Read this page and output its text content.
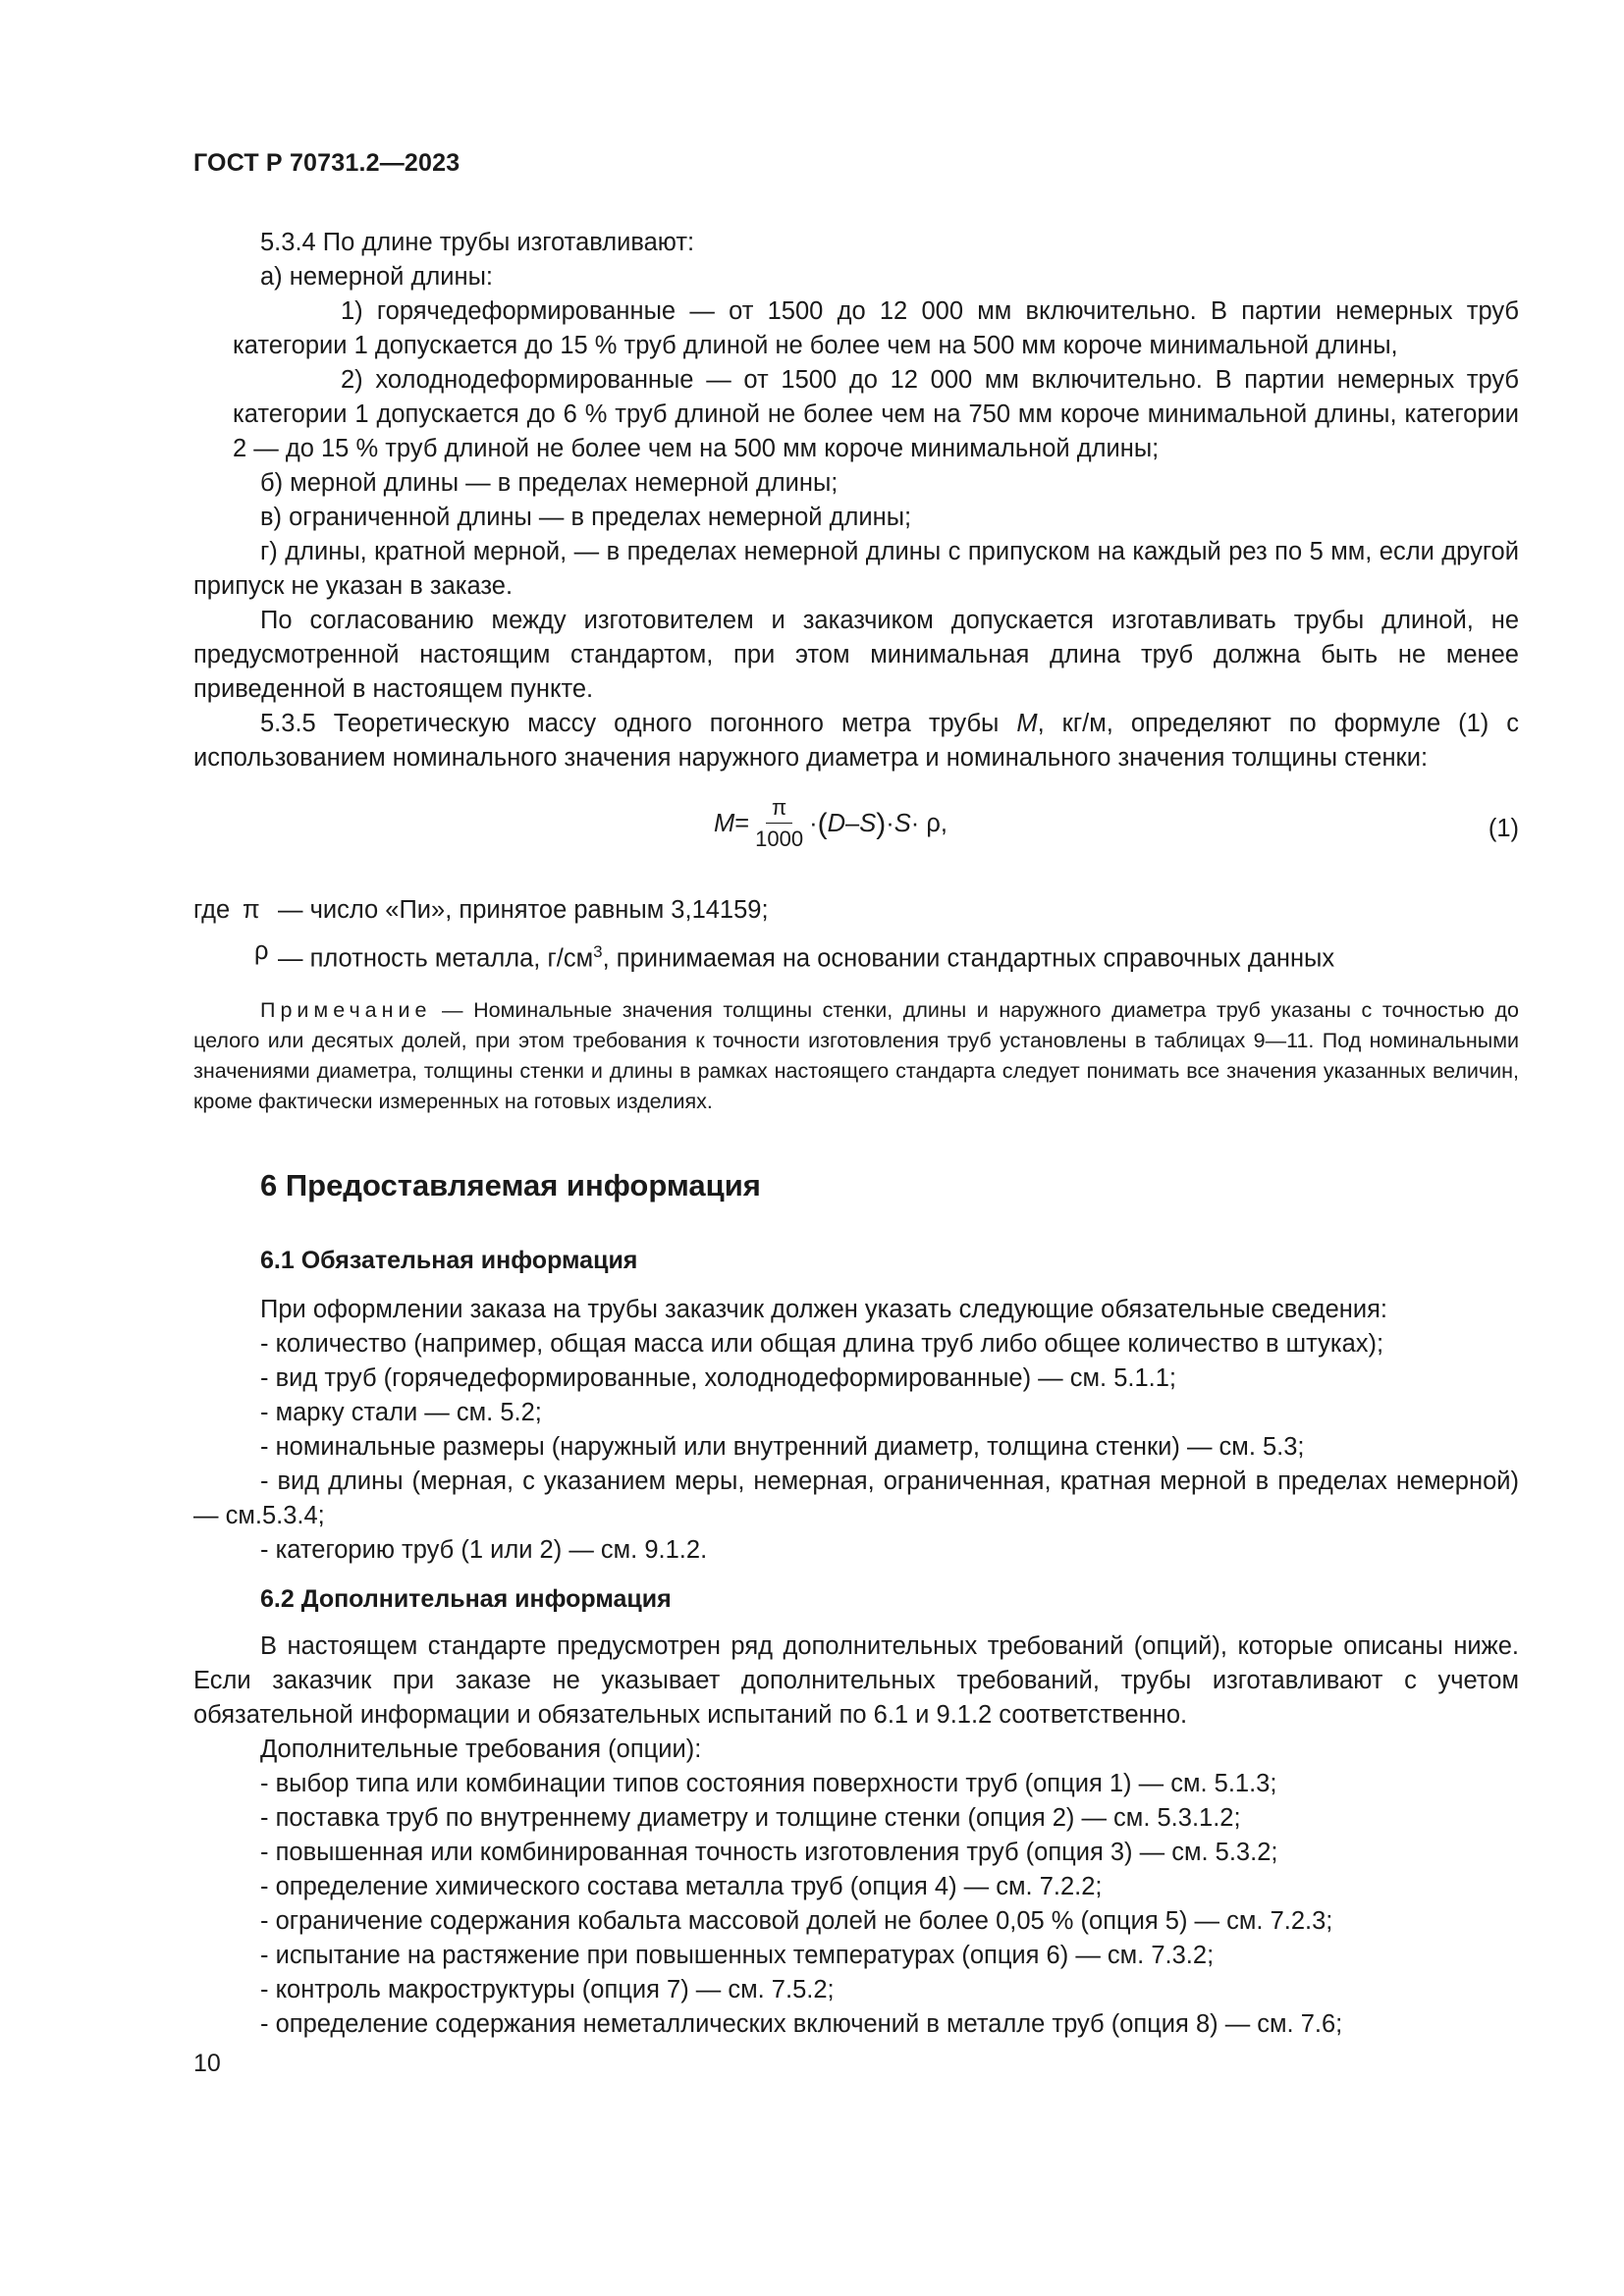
ГОСТ Р 70731.2—2023

5.3.4 По длине трубы изготавливают:

а) немерной длины:

1) горячедеформированные — от 1500 до 12 000 мм включительно. В партии немерных труб категории 1 допускается до 15 % труб длиной не более чем на 500 мм короче минимальной длины,

2) холоднодеформированные — от 1500 до 12 000 мм включительно. В партии немерных труб категории 1 допускается до 6 % труб длиной не более чем на 750 мм короче минимальной длины, категории 2 — до 15 % труб длиной не более чем на 500 мм короче минимальной длины;

б) мерной длины — в пределах немерной длины;

в) ограниченной длины — в пределах немерной длины;

г) длины, кратной мерной, — в пределах немерной длины с припуском на каждый рез по 5 мм, если другой припуск не указан в заказе.

По согласованию между изготовителем и заказчиком допускается изготавливать трубы длиной, не предусмотренной настоящим стандартом, при этом минимальная длина труб должна быть не менее приведенной в настоящем пункте.

5.3.5 Теоретическую массу одного погонного метра трубы M, кг/м, определяют по формуле (1) с использованием номинального значения наружного диаметра и номинального значения толщины стенки:

$M = \frac{\pi}{1000}$ · ( D – S ) · S · ρ,	(1)
где π — число «Пи», принятое равным 3,14159;
ρ — плотность металла, $г/см^3$, принимаемая на основании стандартных справочных данных

Примечание — Номинальные значения толщины стенки, длины и наружного диаметра труб указаны с точностью до целого или десятых долей, при этом требования к точности изготовления труб установлены в таблицах 9—11. Под номинальными значениями диаметра, толщины стенки и длины в рамках настоящего стандарта следует понимать все значения указанных величин, кроме фактически измеренных на готовых изделиях.

6 Предоставляемая информация
6.1 Обязательная информация

При оформлении заказа на трубы заказчик должен указать следующие обязательные сведения:

- количество (например, общая масса или общая длина труб либо общее количество в штуках);

- вид труб (горячедеформированные, холоднодеформированные) — см. 5.1.1;

- марку стали — см. 5.2;

- номинальные размеры (наружный или внутренний диаметр, толщина стенки) — см. 5.3;

- вид длины (мерная, с указанием меры, немерная, ограниченная, кратная мерной в пределах немерной) — см.5.3.4;

- категорию труб (1 или 2) — см. 9.1.2.

6.2 Дополнительная информация

В настоящем стандарте предусмотрен ряд дополнительных требований (опций), которые описаны ниже. Если заказчик при заказе не указывает дополнительных требований, трубы изготавливают с учетом обязательной информации и обязательных испытаний по 6.1 и 9.1.2 соответственно.

Дополнительные требования (опции):

- выбор типа или комбинации типов состояния поверхности труб (опция 1) — см. 5.1.3;

- поставка труб по внутреннему диаметру и толщине стенки (опция 2) — см. 5.3.1.2;

- повышенная или комбинированная точность изготовления труб (опция 3) — см. 5.3.2;

- определение химического состава металла труб (опция 4) — см. 7.2.2;

- ограничение содержания кобальта массовой долей не более 0,05 % (опция 5) — см. 7.2.3;

- испытание на растяжение при повышенных температурах (опция 6) — см. 7.3.2;

- контроль макроструктуры (опция 7) — см. 7.5.2;

- определение содержания неметаллических включений в металле труб (опция 8) — см. 7.6;

10
